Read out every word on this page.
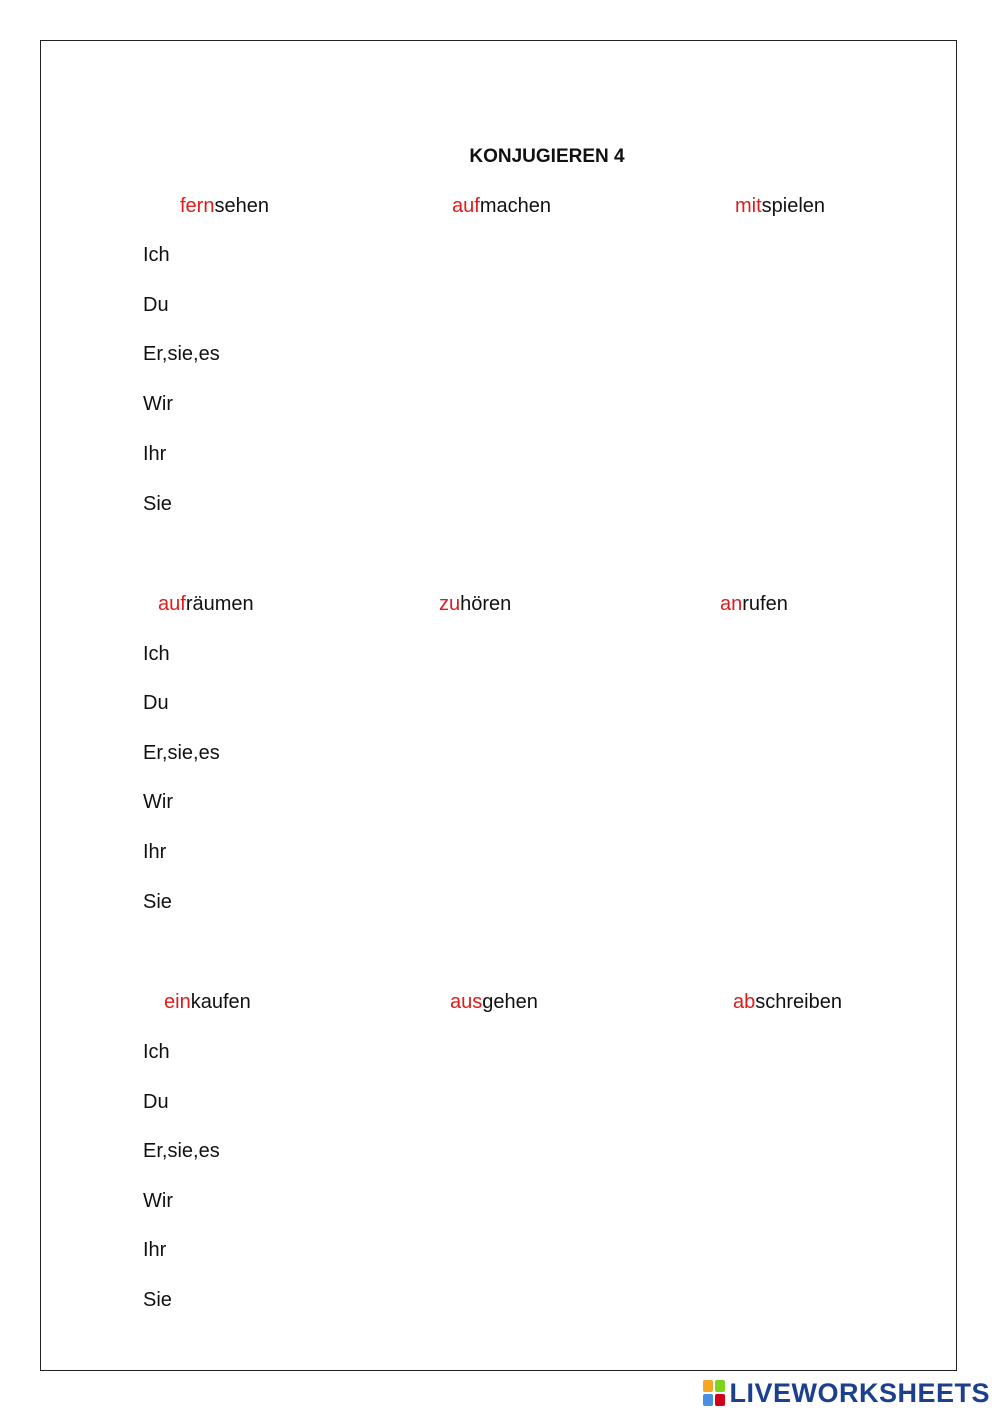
KONJUGIEREN 4
fernsehen	aufmachen	mitspielen
Ich
Du
Er,sie,es
Wir
Ihr
Sie
aufräumen	zuhören	anrufen
Ich
Du
Er,sie,es
Wir
Ihr
Sie
einkaufen	ausgehen	abschreiben
Ich
Du
Er,sie,es
Wir
Ihr
Sie
LIVEWORKSHEETS
